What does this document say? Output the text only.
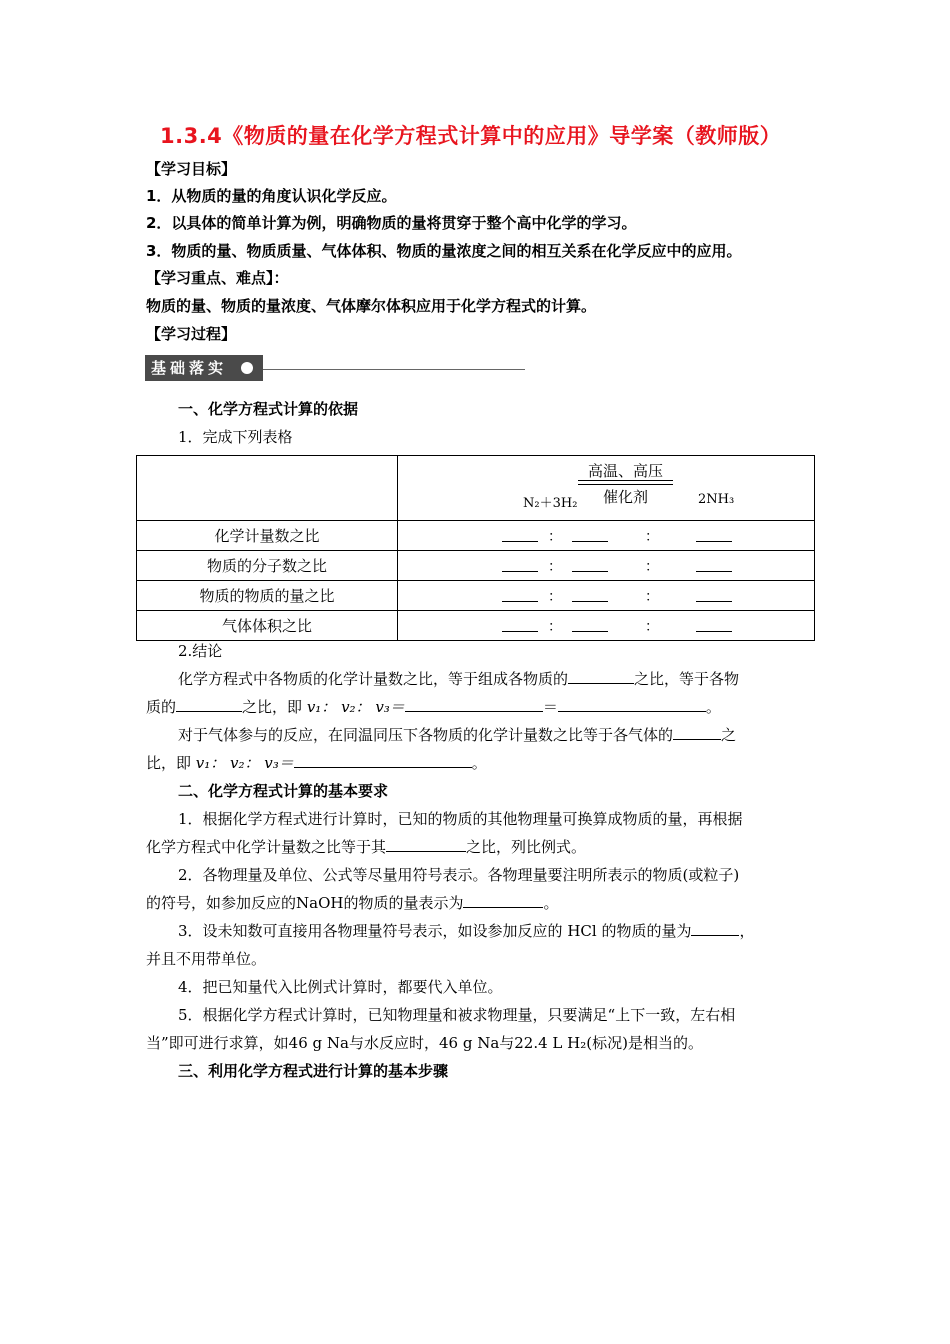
1.3.4《物质的量在化学方程式计算中的应用》导学案（教师版）
【学习目标】
1．从物质的量的角度认识化学反应。
2．以具体的简单计算为例，明确物质的量将贯穿于整个高中化学的学习。
3．物质的量、物质质量、气体体积、物质的量浓度之间的相互关系在化学反应中的应用。
【学习重点、难点】：
物质的量、物质的量浓度、气体摩尔体积应用于化学方程式的计算。
【学习过程】
基础落实
一、化学方程式计算的依据
1．完成下列表格

	高温、高压
催化剂
N₂＋3H₂ 2NH₃

化学计量数之比	： ：

物质的分子数之比	： ：

物质的物质的量之比	： ：

气体体积之比	： ：
2.结论
化学方程式中各物质的化学计量数之比，等于组成各物质的	之比，等于各物
质的	之比，即 v₁： v₂： v₃＝	＝	。
对于气体参与的反应，在同温同压下各物质的化学计量数之比等于各气体的	之
比，即 v₁： v₂： v₃＝	。
二、化学方程式计算的基本要求
1．根据化学方程式进行计算时，已知的物质的其他物理量可换算成物质的量，再根据
化学方程式中化学计量数之比等于其	之比，列比例式。
2．各物理量及单位、公式等尽量用符号表示。各物理量要注明所表示的物质(或粒子)
的符号，如参加反应的NaOH的物质的量表示为	。
3．设未知数可直接用各物理量符号表示，如设参加反应的 HCl 的物质的量为	，
并且不用带单位。
4．把已知量代入比例式计算时，都要代入单位。
5．根据化学方程式计算时，已知物理量和被求物理量，只要满足“上下一致，左右相
当”即可进行求算，如46 g Na与水反应时，46 g Na与22.4 L H₂(标况)是相当的。
三、利用化学方程式进行计算的基本步骤
